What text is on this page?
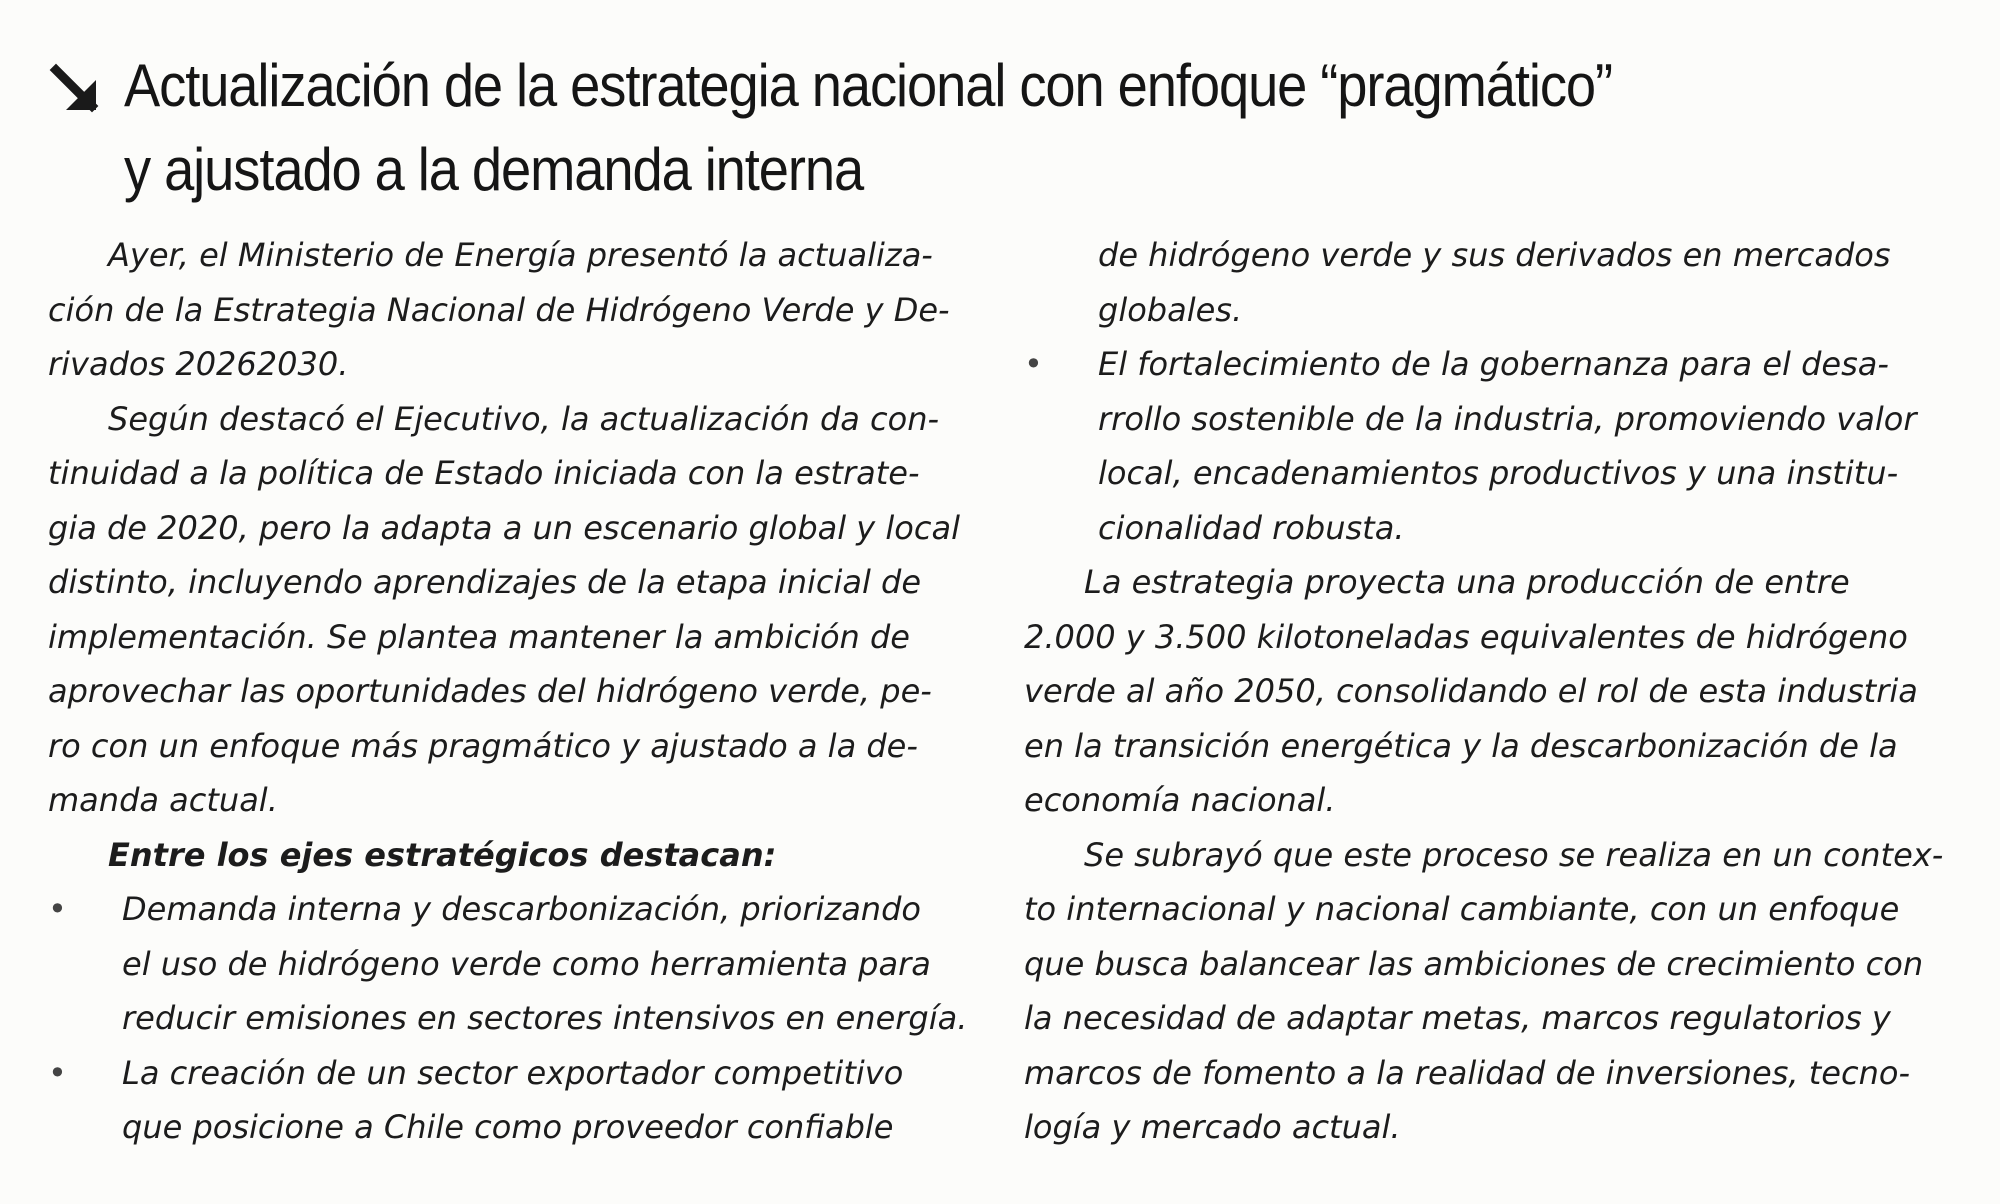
Actualización de la estrategia nacional con enfoque “pragmático”
y ajustado a la demanda interna
Ayer, el Ministerio de Energía presentó la actualiza-
ción de la Estrategia Nacional de Hidrógeno Verde y De-
rivados 20262030.
Según destacó el Ejecutivo, la actualización da con-
tinuidad a la política de Estado iniciada con la estrate-
gia de 2020, pero la adapta a un escenario global y local
distinto, incluyendo aprendizajes de la etapa inicial de
implementación. Se plantea mantener la ambición de
aprovechar las oportunidades del hidrógeno verde, pe-
ro con un enfoque más pragmático y ajustado a la de-
manda actual.
Entre los ejes estratégicos destacan:
• Demanda interna y descarbonización, priorizando
el uso de hidrógeno verde como herramienta para
reducir emisiones en sectores intensivos en energía.
• La creación de un sector exportador competitivo
que posicione a Chile como proveedor confiable
de hidrógeno verde y sus derivados en mercados
globales.
• El fortalecimiento de la gobernanza para el desa-
rrollo sostenible de la industria, promoviendo valor
local, encadenamientos productivos y una institu-
cionalidad robusta.
La estrategia proyecta una producción de entre
2.000 y 3.500 kilotoneladas equivalentes de hidrógeno
verde al año 2050, consolidando el rol de esta industria
en la transición energética y la descarbonización de la
economía nacional.
Se subrayó que este proceso se realiza en un contex-
to internacional y nacional cambiante, con un enfoque
que busca balancear las ambiciones de crecimiento con
la necesidad de adaptar metas, marcos regulatorios y
marcos de fomento a la realidad de inversiones, tecno-
logía y mercado actual.
